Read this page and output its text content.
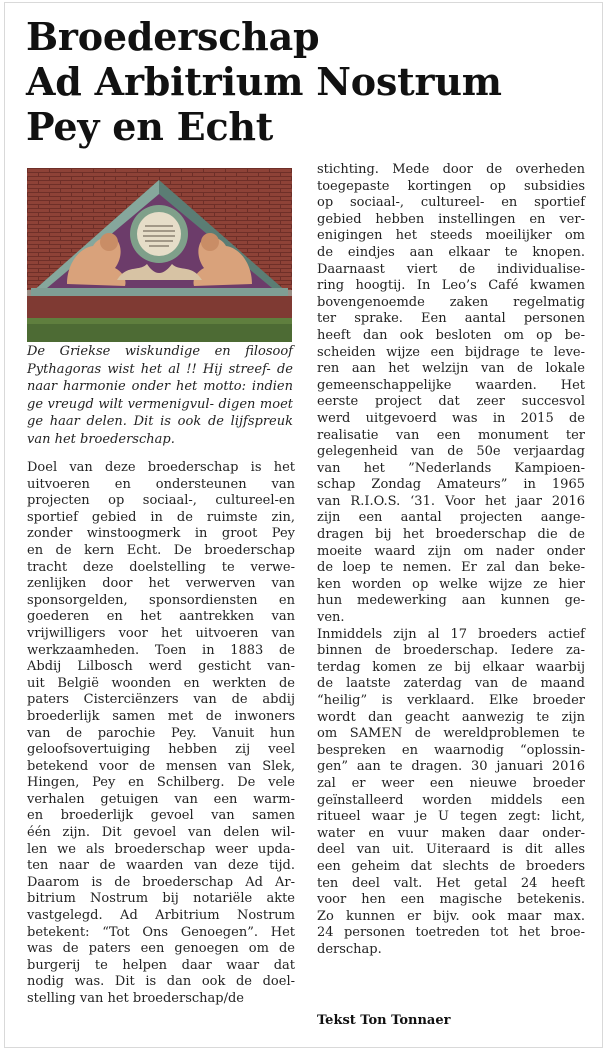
Broederschap
Ad Arbitrium Nostrum
Pey en Echt
INDIEN GE VREUGD WILT VERMENIGVULDIGEN MOET GE HAAR DELEN

De Griekse wiskundige en filosoof Pythagoras wist het al !! Hij streef- de naar harmonie onder het motto: indien ge vreugd wilt vermenigvul- digen moet ge haar delen. Dit is ook de lijfspreuk van het broederschap.

Doel van deze broederschap is het
uitvoeren en ondersteunen van
projecten op sociaal-, cultureel-en
sportief gebied in de ruimste zin,
zonder winstoogmerk in groot Pey
en de kern Echt. De broederschap
tracht deze doelstelling te verwe-
zenlijken door het verwerven van
sponsorgelden, sponsordiensten en
goederen en het aantrekken van
vrijwilligers voor het uitvoeren van
werkzaamheden. Toen in 1883 de
Abdij Lilbosch werd gesticht van-
uit België woonden en werkten de
paters Cisterciënzers van de abdij
broederlijk samen met de inwoners
van de parochie Pey. Vanuit hun
geloofsovertuiging hebben zij veel
betekend voor de mensen van Slek,
Hingen, Pey en Schilberg. De vele
verhalen getuigen van een warm-
en broederlijk gevoel van samen
één zijn. Dit gevoel van delen wil-
len we als broederschap weer upda-
ten naar de waarden van deze tijd.
Daarom is de broederschap Ad Ar-
bitrium Nostrum bij notariële akte
vastgelegd. Ad Arbitrium Nostrum
betekent: “Tot Ons Genoegen”. Het
was de paters een genoegen om de
burgerij te helpen daar waar dat
nodig was. Dit is dan ook de doel-
stelling van het broederschap/de
stichting. Mede door de overheden
toegepaste kortingen op subsidies
op sociaal-, cultureel- en sportief
gebied hebben instellingen en ver-
enigingen het steeds moeilijker om
de eindjes aan elkaar te knopen.
Daarnaast viert de individualise-
ring hoogtij. In Leo’s Café kwamen
bovengenoemde zaken regelmatig
ter sprake. Een aantal personen
heeft dan ook besloten om op be-
scheiden wijze een bijdrage te leve-
ren aan het welzijn van de lokale
gemeenschappelijke waarden. Het
eerste project dat zeer succesvol
werd uitgevoerd was in 2015 de
realisatie van een monument ter
gelegenheid van de 50e verjaardag
van het ”Nederlands Kampioen-
schap Zondag Amateurs” in 1965
van R.I.O.S. ‘31. Voor het jaar 2016
zijn een aantal projecten aange-
dragen bij het broederschap die de
moeite waard zijn om nader onder
de loep te nemen. Er zal dan beke-
ken worden op welke wijze ze hier
hun medewerking aan kunnen ge-
ven.
Inmiddels zijn al 17 broeders actief
binnen de broederschap. Iedere za-
terdag komen ze bij elkaar waarbij
de laatste zaterdag van de maand
“heilig” is verklaard. Elke broeder
wordt dan geacht aanwezig te zijn
om SAMEN de wereldproblemen te
bespreken en waarnodig “oplossin-
gen” aan te dragen. 30 januari 2016
zal er weer een nieuwe broeder
geïnstalleerd worden middels een
ritueel waar je U tegen zegt: licht,
water en vuur maken daar onder-
deel van uit. Uiteraard is dit alles
een geheim dat slechts de broeders
ten deel valt. Het getal 24 heeft
voor hen een magische betekenis.
Zo kunnen er bijv. ook maar max.
24 personen toetreden tot het broe-
derschap.

Tekst Ton Tonnaer
